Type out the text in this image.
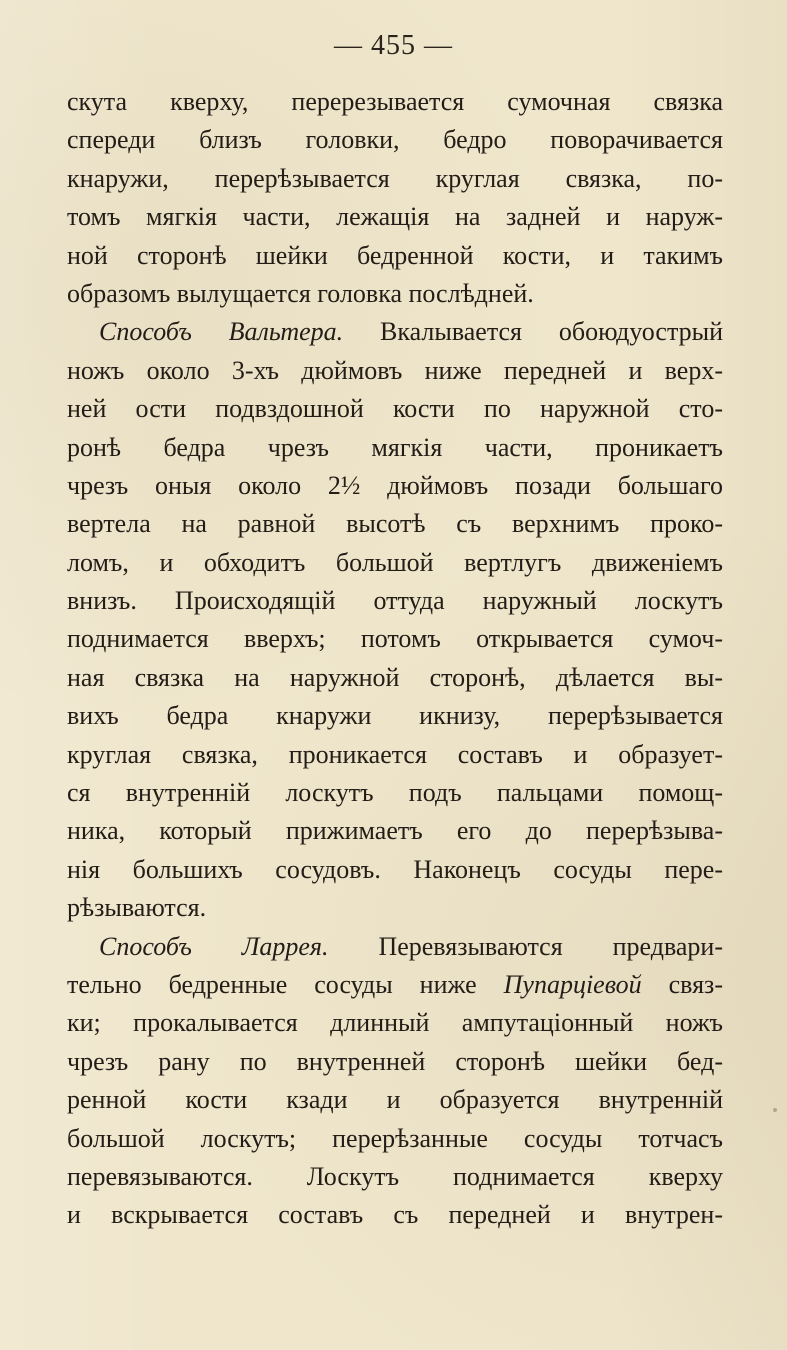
— 455 —
скута кверху, перерезывается сумочная связка
спереди близъ головки, бедро поворачивается
кнаружи, перерѣзывается круглая связка, по-
томъ мягкія части, лежащія на задней и наруж-
ной сторонѣ шейки бедренной кости, и такимъ
образомъ вылущается головка послѣдней.
Способъ Вальтера. Вкалывается обоюдуострый
ножъ около 3-хъ дюймовъ ниже передней и верх-
ней ости подвздошной кости по наружной сто-
ронѣ бедра чрезъ мягкія части, проникаетъ
чрезъ оныя около 2½ дюймовъ позади большаго
вертела на равной высотѣ съ верхнимъ проко-
ломъ, и обходитъ большой вертлугъ движеніемъ
внизъ. Происходящій оттуда наружный лоскутъ
поднимается вверхъ; потомъ открывается сумоч-
ная связка на наружной сторонѣ, дѣлается вы-
вихъ бедра кнаружи икнизу, перерѣзывается
круглая связка, проникается составъ и образует-
ся внутренній лоскутъ подъ пальцами помощ-
ника, который прижимаетъ его до перерѣзыва-
нія большихъ сосудовъ. Наконецъ сосуды пере-
рѣзываются.
Способъ Ларрея. Перевязываются предвари-
тельно бедренные сосуды ниже Пупарціевой связ-
ки; прокалывается длинный ампутаціонный ножъ
чрезъ рану по внутренней сторонѣ шейки бед-
ренной кости кзади и образуется внутренній
большой лоскутъ; перерѣзанные сосуды тотчасъ
перевязываются. Лоскутъ поднимается кверху
и вскрывается составъ съ передней и внутрен-
